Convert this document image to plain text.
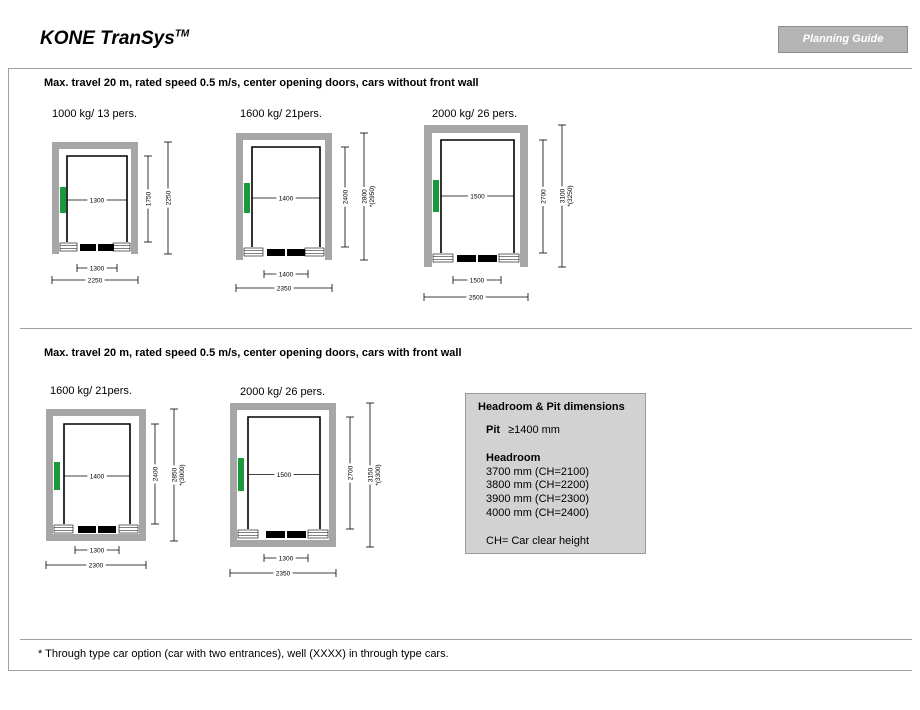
KONE TranSys™	Planning Guide
Max. travel 20 m, rated speed 0.5 m/s, center opening doors, cars without front wall
1000 kg/ 13 pers.	1600 kg/ 21pers.	2000 kg/ 26 pers.
Max. travel 20 m, rated speed 0.5 m/s, center opening doors, cars with front wall
1600 kg/ 21pers.	2000 kg/ 26 pers.
1300	1750 2250
1300
2250
1400	2400 2800 *(2950)
1400
2350
1500	2700 3100 *(3250)
1500
2500
1400	2400 2850 *(3000)
1300
2300
1500	2700 3150 *(3300)
1300
2350
Headroom & Pit dimensions
Pit ≥1400 mm
Headroom
3700 mm (CH=2100)
3800 mm (CH=2200)
3900 mm (CH=2300)
4000 mm (CH=2400)
CH= Car clear height
* Through type car option (car with two entrances), well (XXXX) in through type cars.
